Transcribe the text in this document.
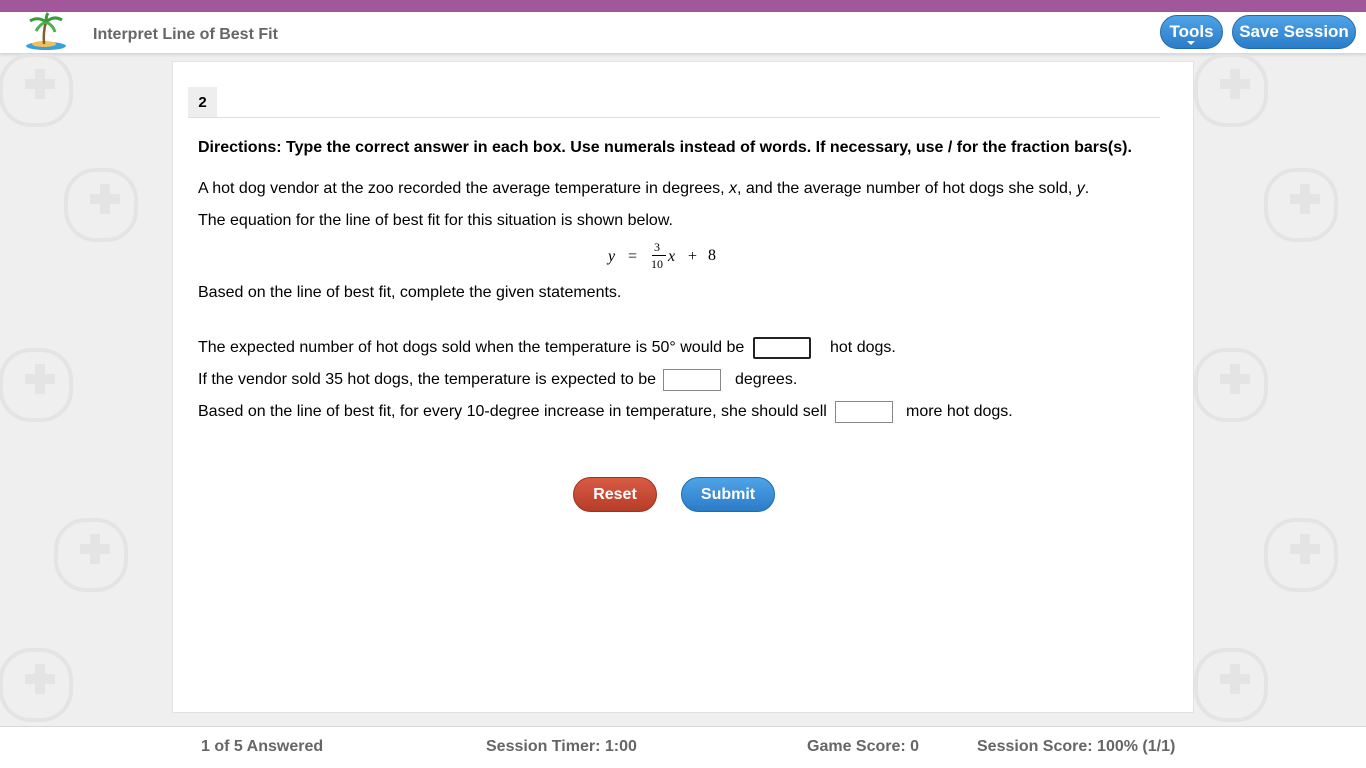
Interpret Line of Best Fit	Tools	Save Session
2
Directions: Type the correct answer in each box. Use numerals instead of words. If necessary, use / for the fraction bars(s).
A hot dog vendor at the zoo recorded the average temperature in degrees, x, and the average number of hot dogs she sold, y.
The equation for the line of best fit for this situation is shown below.
y =
3
10 x + 8
Based on the line of best fit, complete the given statements.
The expected number of hot dogs sold when the temperature is 50° would be	hot dogs.
If the vendor sold 35 hot dogs, the temperature is expected to be	degrees.
Based on the line of best fit, for every 10-degree increase in temperature, she should sell	more hot dogs.
Reset	Submit
1 of 5 Answered	Session Timer: 1:00	Game Score: 0	Session Score: 100% (1/1)
